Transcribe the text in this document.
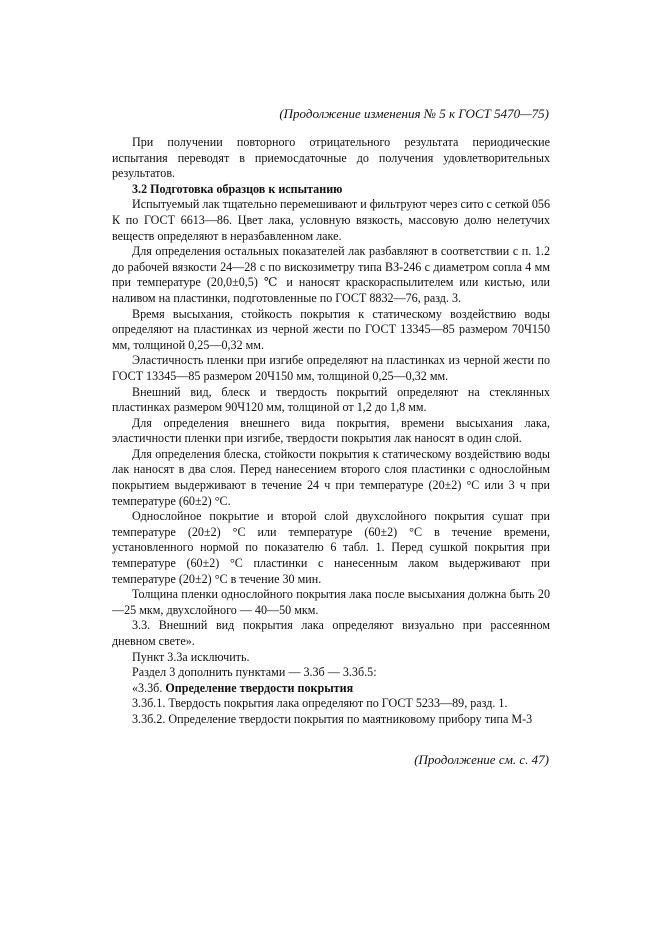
(Продолжение изменения № 5 к ГОСТ 5470—75)

При получении повторного отрицательного результата периодические испытания переводят в приемосдаточные до получения удовлетворительных результатов.

3.2 Подготовка образцов к испытанию

Испытуемый лак тщательно перемешивают и фильтруют через сито с сеткой 056 К по ГОСТ 6613—86. Цвет лака, условную вязкость, массовую долю нелетучих веществ определяют в неразбавленном лаке.

Для определения остальных показателей лак разбавляют в соответствии с п. 1.2 до рабочей вязкости 24—28 с по вискозиметру типа ВЗ-246 с диаметром сопла 4 мм при температуре (20,0±0,5) ℃ и наносят краскораспылителем или кистью, или наливом на пластинки, подготовленные по ГОСТ 8832—76, разд. 3.

Время высыхания, стойкость покрытия к статическому воздействию воды определяют на пластинках из черной жести по ГОСТ 13345—85 размером 70Ч150 мм, толщиной 0,25—0,32 мм.

Эластичность пленки при изгибе определяют на пластинках из черной жести по ГОСТ 13345—85 размером 20Ч150 мм, толщиной 0,25—0,32 мм.

Внешний вид, блеск и твердость покрытий определяют на стеклянных пластинках размером 90Ч120 мм, толщиной от 1,2 до 1,8 мм.

Для определения внешнего вида покрытия, времени высыхания лака, эластичности пленки при изгибе, твердости покрытия лак наносят в один слой.

Для определения блеска, стойкости покрытия к статическому воздействию воды лак наносят в два слоя. Перед нанесением второго слоя пластинки с однослойным покрытием выдерживают в течение 24 ч при температуре (20±2) °С или 3 ч при температуре (60±2) °С.

Однослойное покрытие и второй слой двухслойного покрытия сушат при температуре (20±2) °С или температуре (60±2) °С в течение времени, установленного нормой по показателю 6 табл. 1. Перед сушкой покрытия при температуре (60±2) °С пластинки с нанесенным лаком выдерживают при температуре (20±2) °С в течение 30 мин.

Толщина пленки однослойного покрытия лака после высыхания должна быть 20—25 мкм, двухслойного — 40—50 мкм.

3.3. Внешний вид покрытия лака определяют визуально при рассеянном дневном свете».

Пункт 3.3а исключить.

Раздел 3 дополнить пунктами — 3.3б — 3.3б.5:

«3.3б. Определение твердости покрытия

3.3б.1. Твердость покрытия лака определяют по ГОСТ 5233—89, разд. 1.

3.3б.2. Определение твердости покрытия по маятниковому прибору типа М-3

(Продолжение см. с. 47)
